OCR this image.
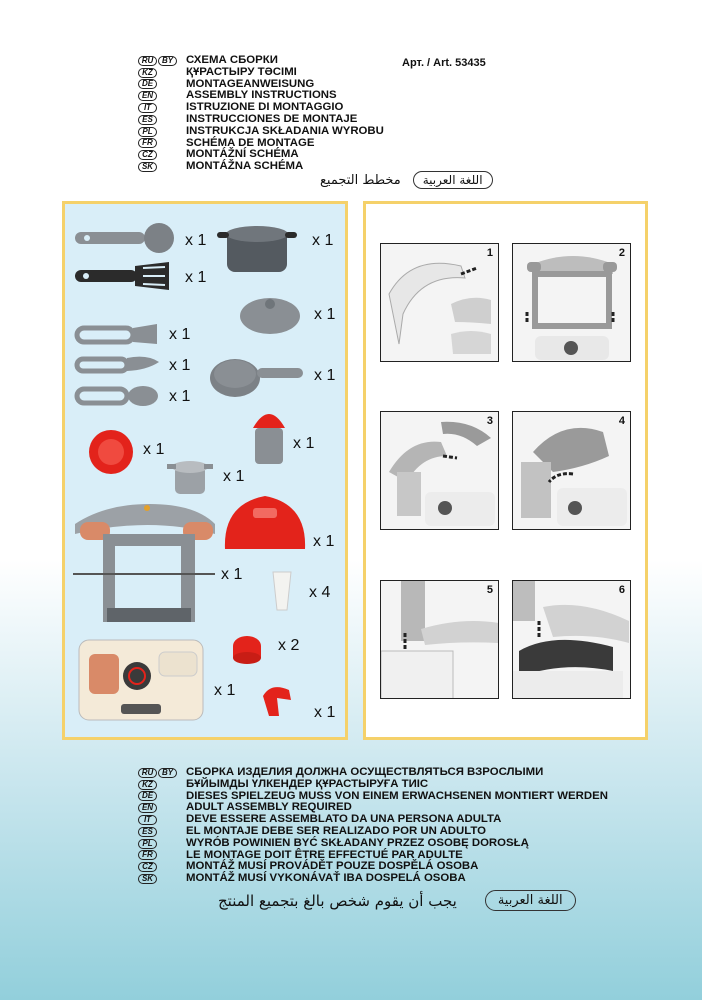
RU	BY	СХЕМА СБОРКИ
KZ	ҚҰРАСТЫРУ ТӘСІМІ
DE	MONTAGEANWEISUNG
EN	ASSEMBLY INSTRUCTIONS
IT	ISTRUZIONE DI MONTAGGIO
ES	INSTRUCCIONES DE MONTAJE
PL	INSTRUKCJA SKŁADANIA WYROBU
FR	SCHÉMA DE MONTAGE
CZ	MONTÁŽNÍ SCHÉMA
SK	MONTÁŽNA SCHÉMA
Арт. / Art. 53435
مخطط التجميع	اللغة العربية
x 1	x 1
x 1
x 1
x 1
x 1
x 1
x 1
x 1	x 1
x 1
x 1
x 1
x 4
x 2
x 1
x 1
1	2
3	4
5	6
RU	BY	СБОРКА ИЗДЕЛИЯ ДОЛЖНА ОСУЩЕСТВЛЯТЬСЯ ВЗРОСЛЫМИ
KZ	БҰЙЫМДЫ ҮЛКЕНДЕР ҚҰРАСТЫРУҒА ТИІС
DE	DIESES SPIELZEUG MUSS VON EINEM ERWACHSENEN MONTIERT WERDEN
EN	ADULT ASSEMBLY REQUIRED
IT	DEVE ESSERE ASSEMBLATO DA UNA PERSONA ADULTA
ES	EL MONTAJE DEBE SER REALIZADO POR UN ADULTO
PL	WYRÓB POWINIEN BYĆ SKŁADANY PRZEZ OSOBĘ DOROSŁĄ
FR	LE MONTAGE DOIT ÊTRE EFFECTUÉ PAR ADULTE
CZ	MONTÁŽ MUSÍ PROVÁDĚT POUZE DOSPĚLÁ OSOBA
SK	MONTÁŽ MUSÍ VYKONÁVAŤ IBA DOSPELÁ OSOBA
يجب أن يقوم شخص بالغ بتجميع المنتج	اللغة العربية
